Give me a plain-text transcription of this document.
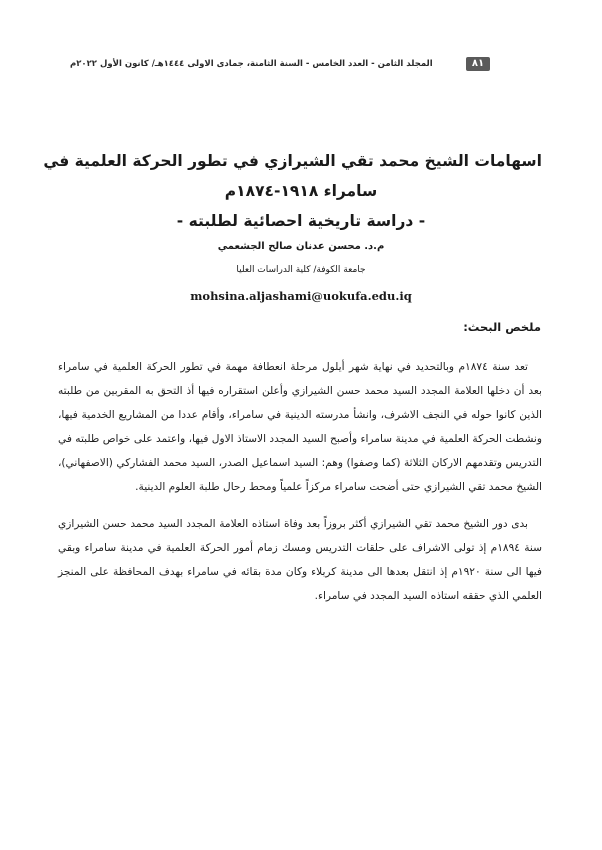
المجلد الثامن - العدد الخامس - السنة الثامنة، جمادى الاولى ١٤٤٤هـ/ كانون الأول ٢٠٢٢م	٨١
اسهامات الشيخ محمد تقي الشيرازي في تطور الحركة العلمية في
سامراء ١٩١٨-١٨٧٤م
- دراسة تاريخية احصائية لطلبته -
م.د. محسن عدنان صالح الجشعمي
جامعة الكوفة/ كلية الدراسات العليا
mohsina.aljashami@uokufa.edu.iq
ملخص البحث:

تعد سنة ١٨٧٤م وبالتحديد في نهاية شهر أيلول مرحلة انعطافة مهمة في تطور الحركة العلمية في سامراء بعد أن دخلها العلامة المجدد السيد محمد حسن الشيرازي وأعلن استقراره فيها أذ التحق به المقربين من طلبته الذين كانوا حوله في النجف الاشرف، وانشأ مدرسته الدينية في سامراء، وأقام عددا من المشاريع الخدمية فيها، ونشطت الحركة العلمية في مدينة سامراء وأصبح السيد المجدد الاستاذ الاول فيها، واعتمد على خواص طلبته في التدريس وتقدمهم الاركان الثلاثة (كما وصفوا) وهم: السيد اسماعيل الصدر، السيد محمد الفشاركي (الاصفهاني)، الشيخ محمد تقي الشيرازي حتى أضحت سامراء مركزاً علمياً ومحط رحال طلبة العلوم الدينية.

بدى دور الشيخ محمد تقي الشيرازي أكثر بروزاً بعد وفاة استاذه العلامة المجدد السيد محمد حسن الشيرازي سنة ١٨٩٤م إذ تولى الاشراف على حلقات التدريس ومسك زمام أمور الحركة العلمية في مدينة سامراء وبقي فيها الى سنة ١٩٢٠م إذ انتقل بعدها الى مدينة كربلاء وكان مدة بقائه في سامراء بهدف المحافظة على المنجز العلمي الذي حققه استاذه السيد المجدد في سامراء.
